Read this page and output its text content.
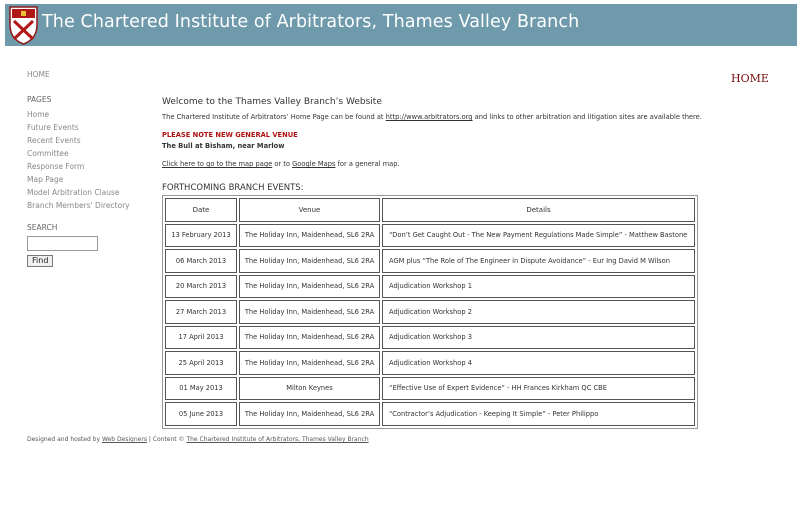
The Chartered Institute of Arbitrators, Thames Valley Branch
HOME
HOME
PAGES
Home
Future Events
Recent Events
Committee
Response Form
Map Page
Model Arbitration Clause
Branch Members' Directory
SEARCH
Find
Welcome to the Thames Valley Branch’s Website
The Chartered Institute of Arbitrators’ Home Page can be found at http://www.arbitrators.org and links to other arbitration and litigation sites are available there.
PLEASE NOTE NEW GENERAL VENUE
The Bull at Bisham, near Marlow
Click here to go to the map page or to Google Maps for a general map.
FORTHCOMING BRANCH EVENTS:
Date	Venue	Details
13 February 2013	The Holiday Inn, Maidenhead, SL6 2RA	“Don’t Get Caught Out - The New Payment Regulations Made Simple” - Matthew Bastone
06 March 2013	The Holiday Inn, Maidenhead, SL6 2RA	AGM plus “The Role of The Engineer in Dispute Avoidance” - Eur Ing David M Wilson
20 March 2013	The Holiday Inn, Maidenhead, SL6 2RA	Adjudication Workshop 1
27 March 2013	The Holiday Inn, Maidenhead, SL6 2RA	Adjudication Workshop 2
17 April 2013	The Holiday Inn, Maidenhead, SL6 2RA	Adjudication Workshop 3
25 April 2013	The Holiday Inn, Maidenhead, SL6 2RA	Adjudication Workshop 4
01 May 2013	Milton Keynes	“Effective Use of Expert Evidence” - HH Frances Kirkham QC CBE
05 June 2013	The Holiday Inn, Maidenhead, SL6 2RA	“Contractor’s Adjudication - Keeping It Simple” - Peter Philippo
Designed and hosted by Web Designers | Content © The Chartered Institute of Arbitrators, Thames Valley Branch
